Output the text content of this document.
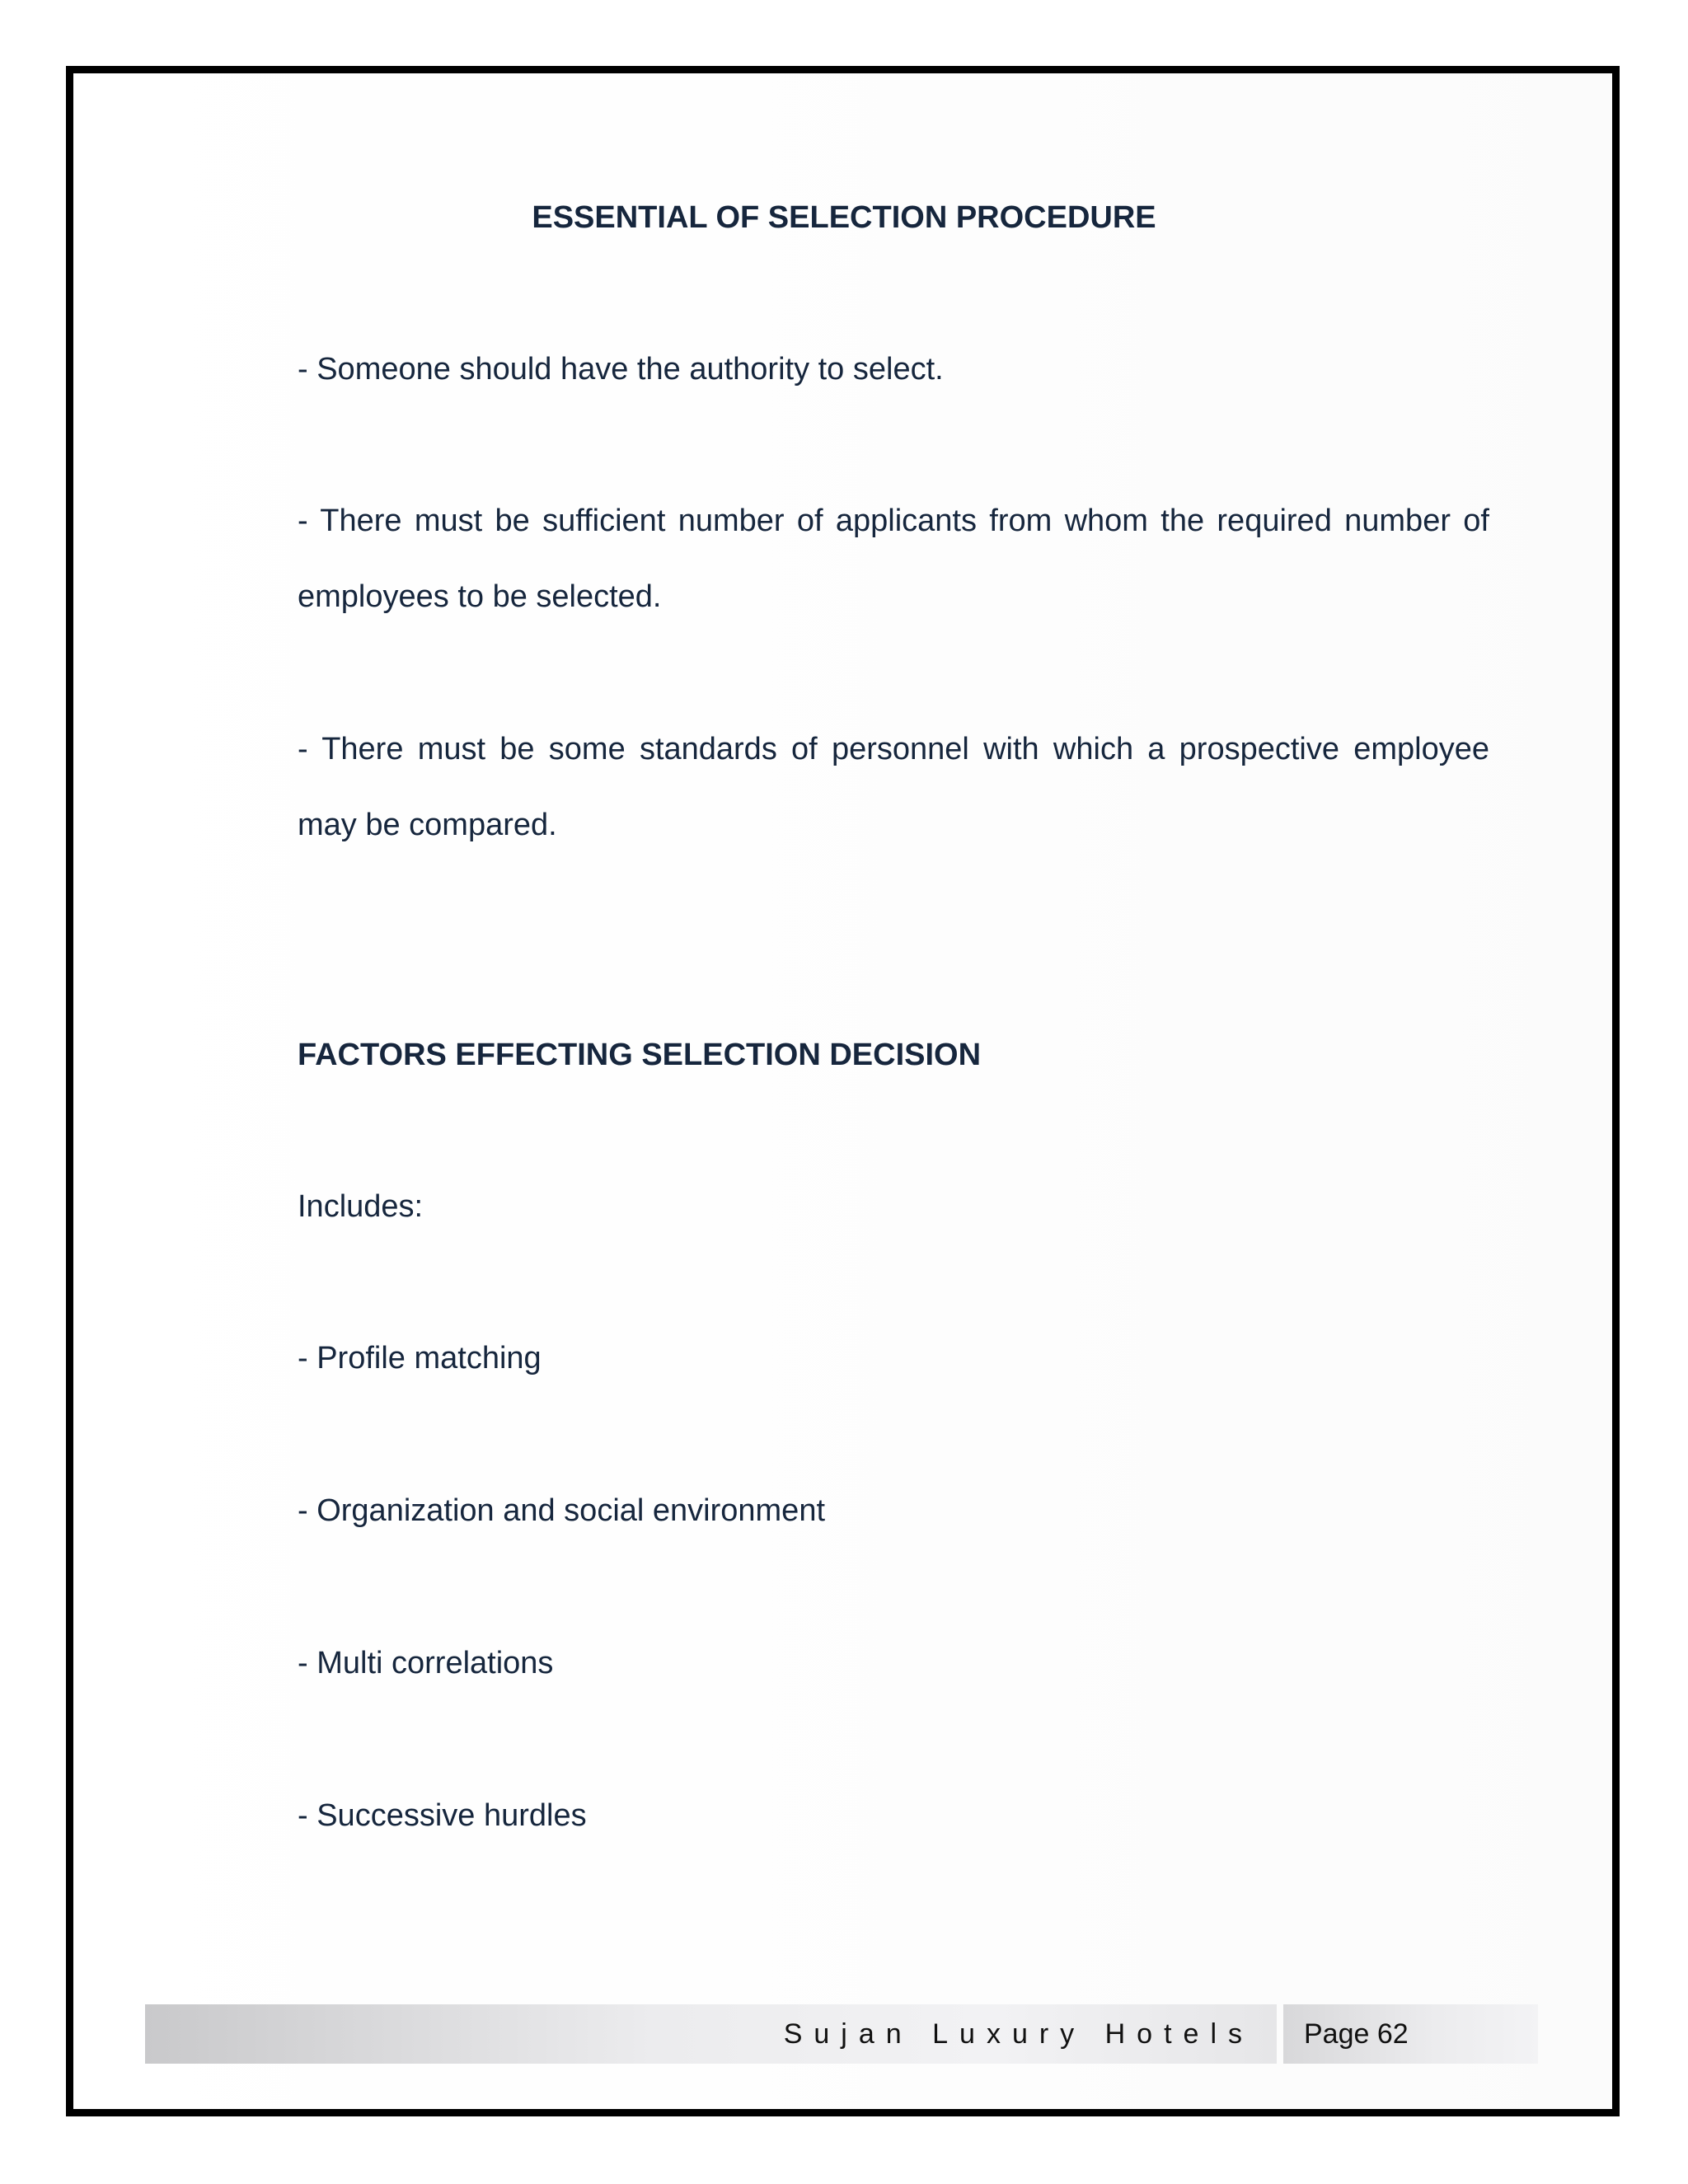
ESSENTIAL OF SELECTION PROCEDURE
- Someone should have the authority to select.
- There must be sufficient number of applicants from whom the required number of employees to be selected.
- There must be some standards of personnel with which a prospective employee may be compared.
FACTORS EFFECTING SELECTION DECISION
Includes:
- Profile matching
- Organization and social environment
- Multi correlations
- Successive hurdles
Sujan Luxury Hotels Page 62
